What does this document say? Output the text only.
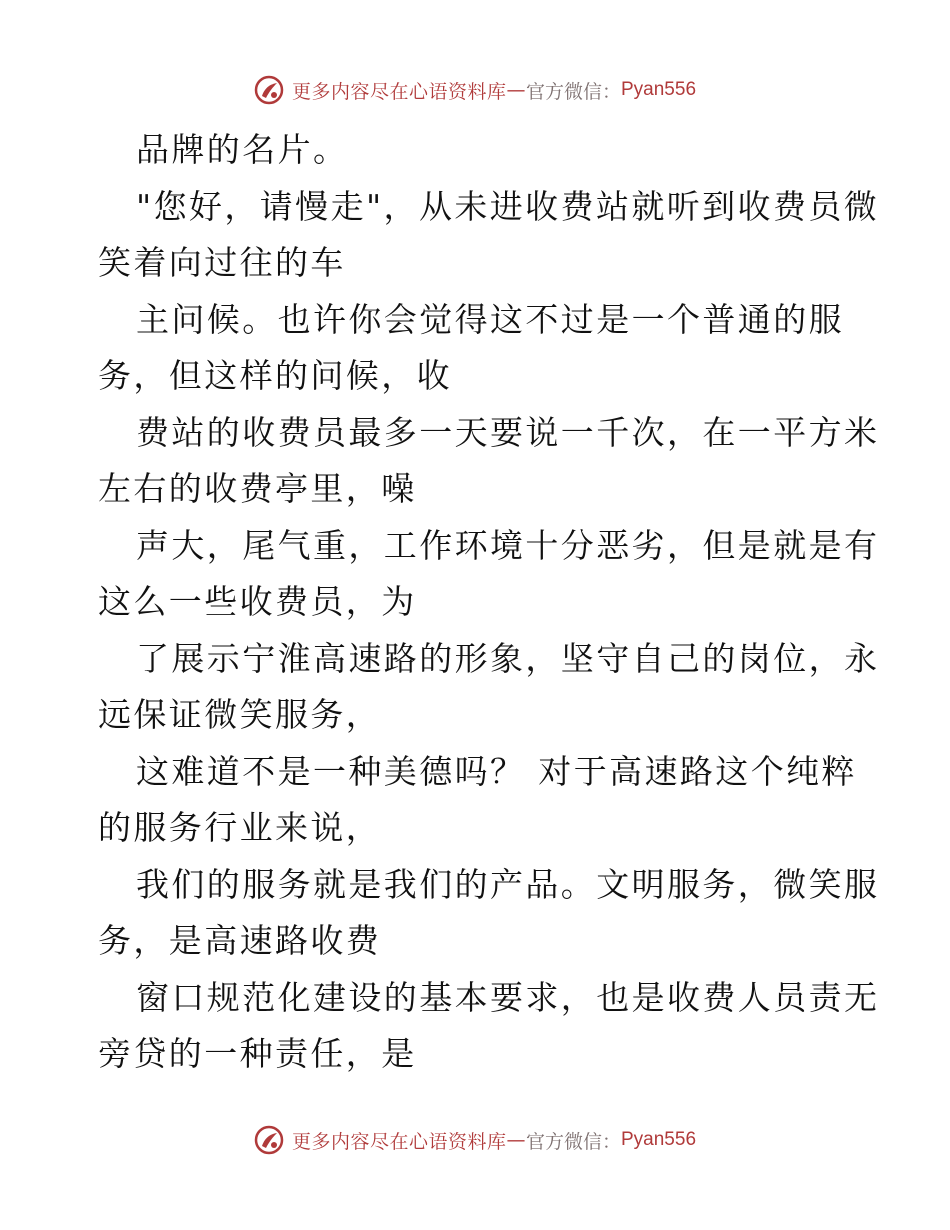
更多内容尽在心语资料库 — 官方微信： Pyan556
品牌的名片。
"您好，请慢走"，从未进收费站就听到收费员微
笑着向过往的车
主问候。也许你会觉得这不过是一个普通的服
务，但这样的问候，收
费站的收费员最多一天要说一千次，在一平方米
左右的收费亭里，噪
声大，尾气重，工作环境十分恶劣，但是就是有
这么一些收费员，为
了展示宁淮高速路的形象，坚守自己的岗位，永
远保证微笑服务，
这难道不是一种美德吗？ 对于高速路这个纯粹
的服务行业来说，
我们的服务就是我们的产品。文明服务，微笑服
务，是高速路收费
窗口规范化建设的基本要求，也是收费人员责无
旁贷的一种责任，是
更多内容尽在心语资料库 — 官方微信： Pyan556
